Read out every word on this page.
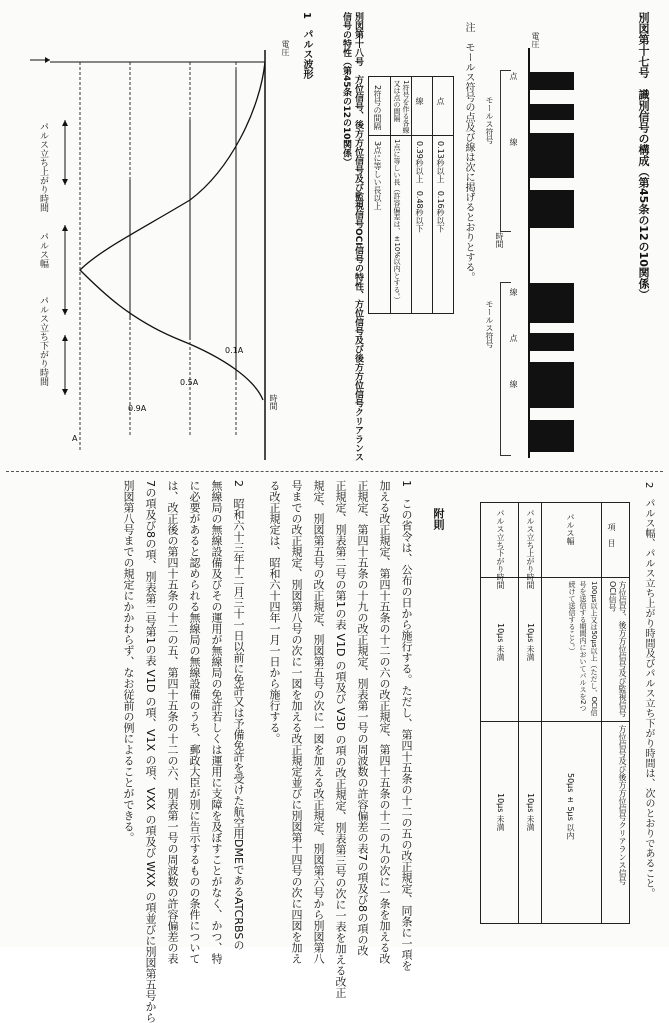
別図第十七号　識別信号の構成（第45条の12の10関係）
電圧
線
点
線
点
線
モールス符号
モールス符号
時間
注　モールス符号の点及び線は次に掲げるとおりとする。
点
0.13秒以上　0.16秒以下
線
0.39秒以上　0.48秒以下
1符号を作る各線又は点の間隔
1点に等しい長（許容偏差は、±10%以内とする。）
2符号の間隔
3点に等しい長以上
別図第十八号　方位信号、後方方位信号及び監視信号OCI信号の特性、方位信号及び後方方位信号クリアランス信号の特性（第45条の12の10関係）
1　パルス波形
電圧
パルス立ち上がり時間
パルス幅
パルス立ち下がり時間	0.1A
0.5A
0.9A
A
時間
2　パルス幅、パルス立ち上がり時間及びパルス立ち下がり時間は、次のとおりであること。
項　目
方位信号、後方方位信号及び監視信号OCI信号
方位信号及び後方方位信号クリアランス信号
パルス幅
100μs以上又は50μs以上（ただし、OCI信号を送信する期間内においてパルスを2つ続けて送信すること。）
50μs ± 5μs 以内
パルス立ち上がり時間
10μs 未満
10μs 未満
パルス立ち下がり時間
10μs 未満
10μs 未満
附則
1　この省令は、公布の日から施行する。ただし、第四十五条の十二の五の改正規定、同条に一項を
加える改正規定、第四十五条の十二の六の改正規定、第四十五条の十二の九の次に一条を加える改
正規定、第四十五条の十九の改正規定、別表第一号の周波数の許容偏差の表7の項及び8の項の改
正規定、別表第二号の第1の表 V1D の項及び V3D の項の改正規定、別表第三号の次に一表を加える改正
規定、別図第五号の改正規定、別図第五号の次に一図を加える改正規定、別図第六号から別図第八
号までの改正規定、別図第八号の次に一図を加える改正規定並びに別図第十四号の次に四図を加え
る改正規定は、昭和六十四年一月一日から施行する。
2　昭和六十三年十二月三十一日以前に免許又は予備免許を受けた航空用DMEであるATCRBSの
無線局の無線設備及びその運用が無線局の免許若しくは運用に支障を及ぼすことがなく、かつ、特
に必要があると認められる無線局の無線設備のうち、郵政大臣が別に告示するものの条件について
は、改正後の第四十五条の十二の五、第四十五条の十二の六、別表第一号の周波数の許容偏差の表
7の項及び8の項、別表第二号第1の表 V1D の項、V1X の項、VXX の項及び WXX の項並びに別図第五号から
別図第八号までの規定にかかわらず、なお従前の例によることができる。
